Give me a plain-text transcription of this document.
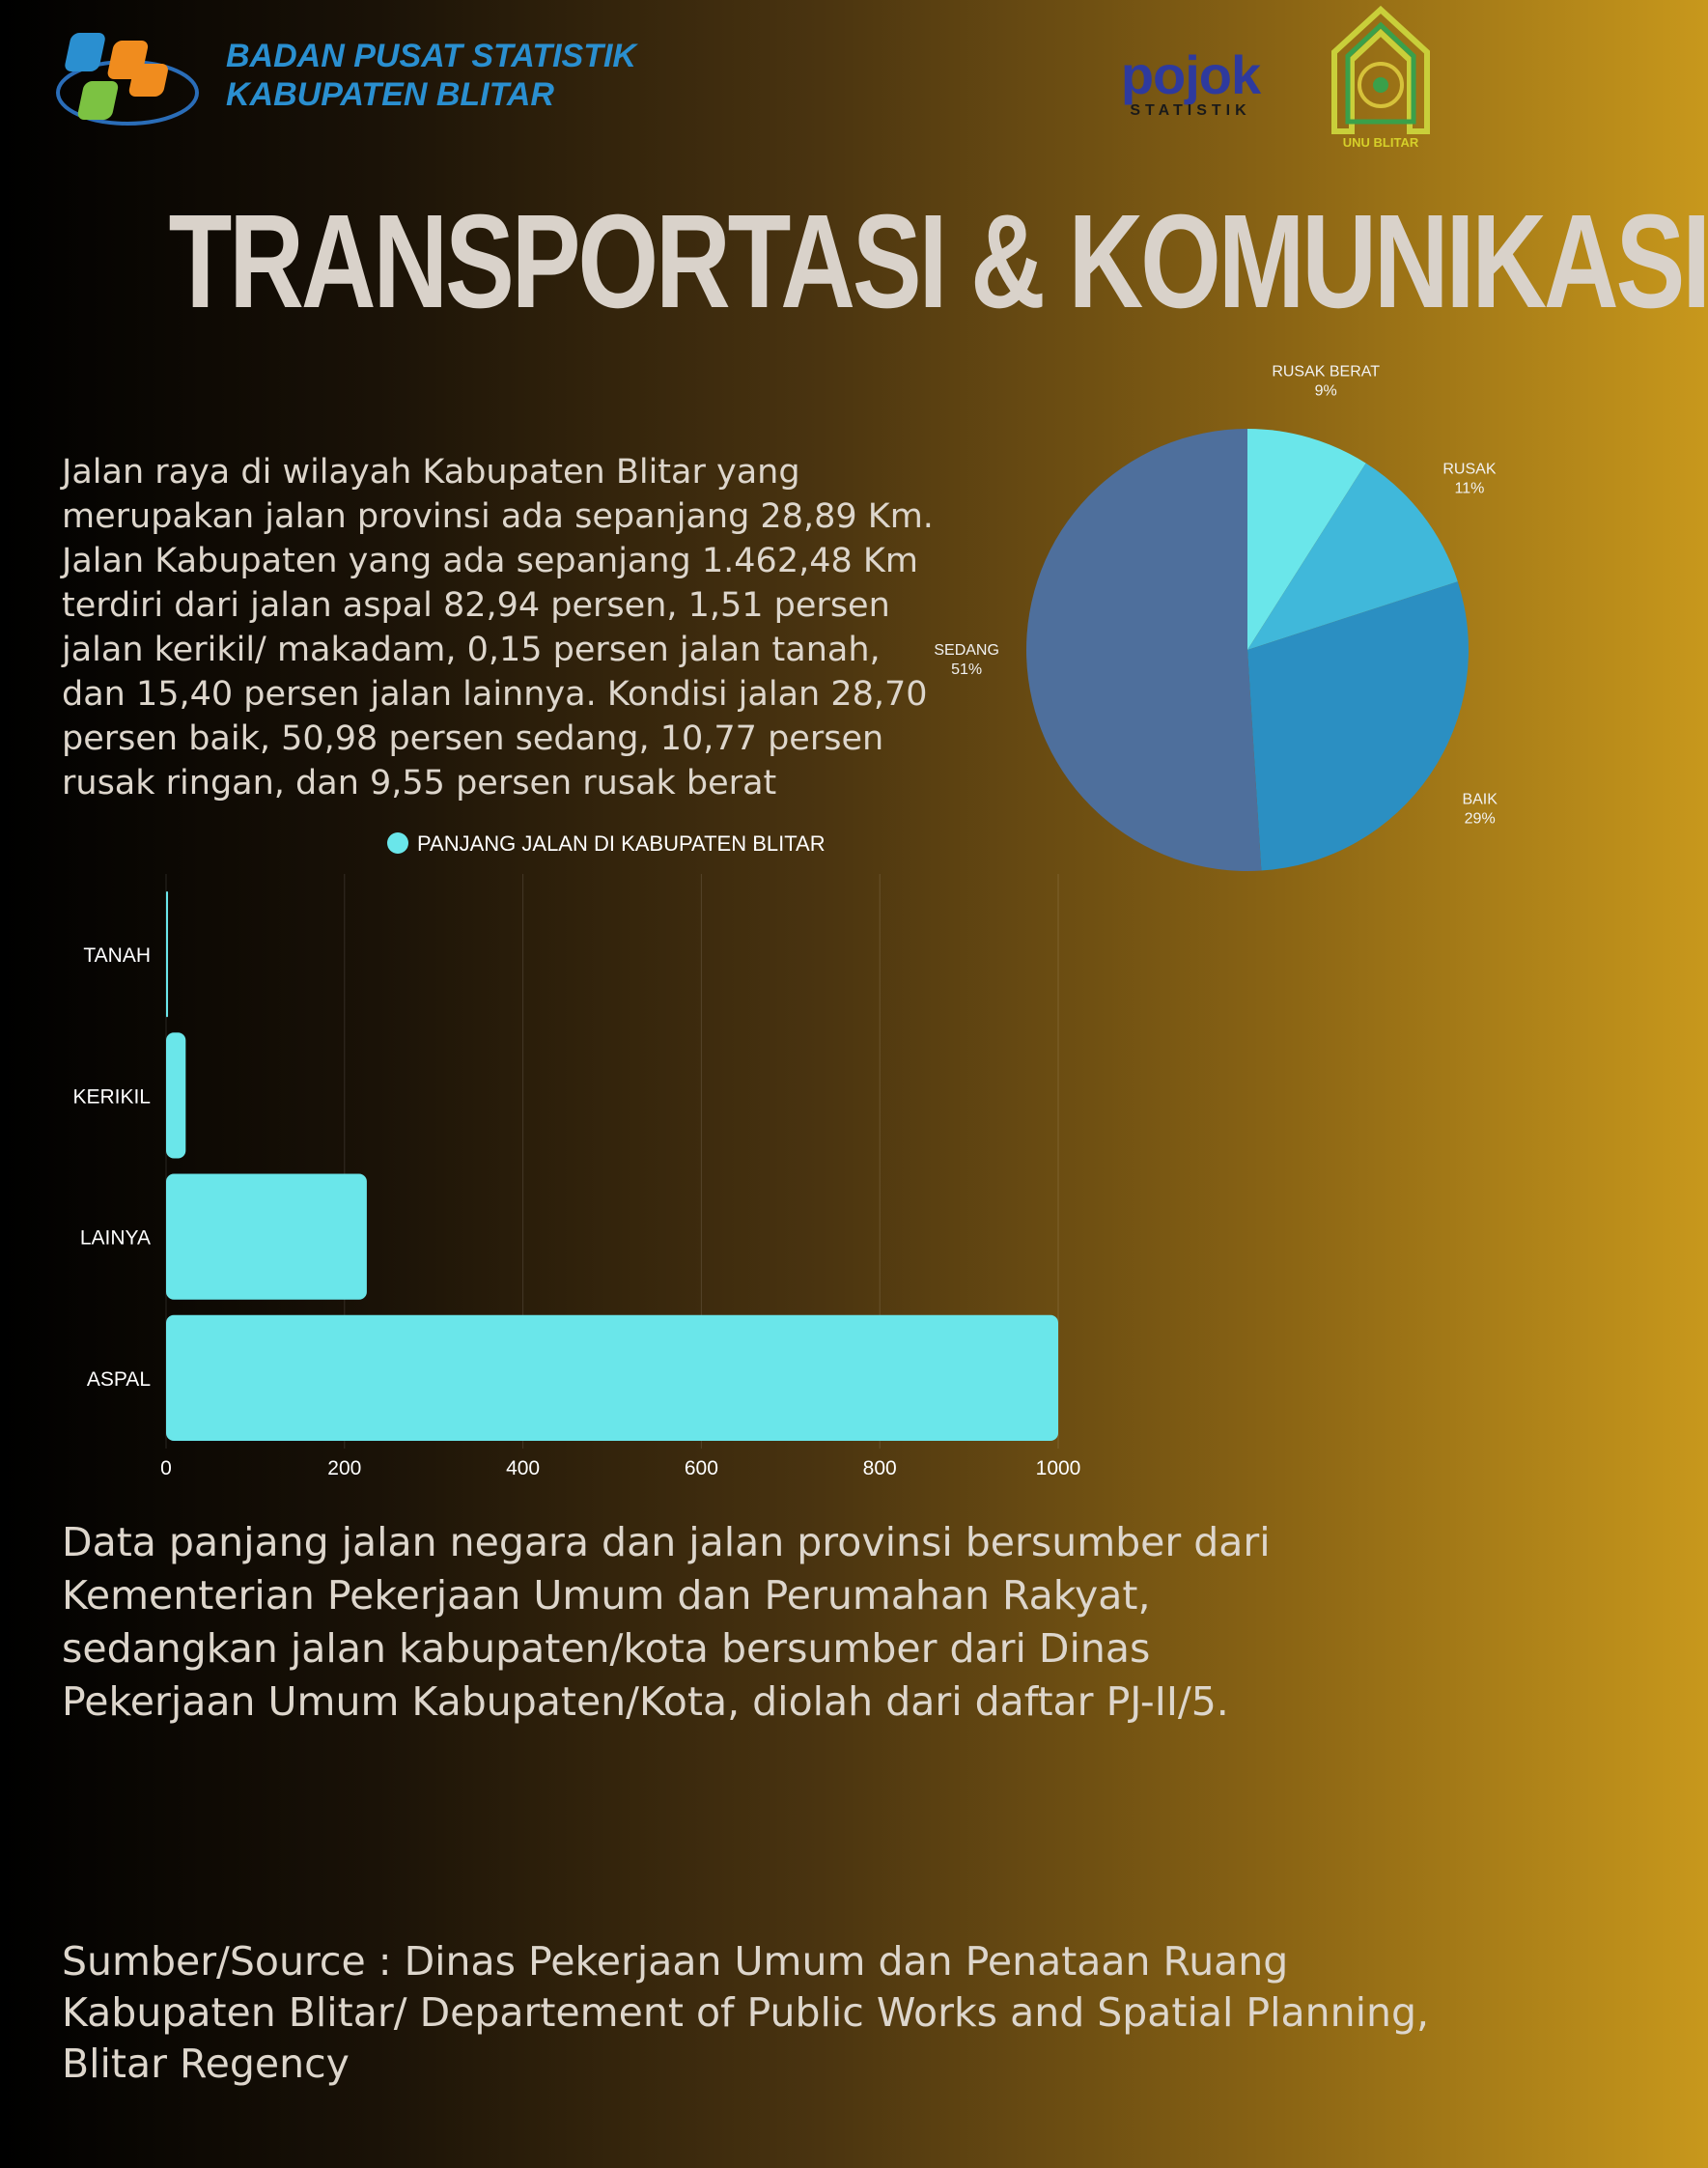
BADAN PUSAT STATISTIK
KABUPATEN BLITAR	pojok
STATISTIK
UNU BLITAR
TRANSPORTASI & KOMUNIKASI
Jalan raya di wilayah Kabupaten Blitar yang merupakan jalan provinsi ada sepanjang 28,89 Km. Jalan Kabupaten yang ada sepanjang 1.462,48 Km terdiri dari jalan aspal 82,94 persen, 1,51 persen jalan kerikil/ makadam, 0,15 persen jalan tanah, dan 15,40 persen jalan lainnya. Kondisi jalan 28,70 persen baik, 50,98 persen sedang, 10,77 persen rusak ringan, dan 9,55 persen rusak berat
RUSAK BERAT
9%
RUSAK
11%
BAIK
29%
SEDANG
51%
PANJANG JALAN DI KABUPATEN BLITAR
TANAH
KERIKIL
LAINYA
ASPAL
0	200	400	600	800	1000
Data panjang jalan negara dan jalan provinsi bersumber dari Kementerian Pekerjaan Umum dan Perumahan Rakyat, sedangkan jalan kabupaten/kota bersumber dari Dinas Pekerjaan Umum Kabupaten/Kota, diolah dari daftar PJ-II/5.
Sumber/Source : Dinas Pekerjaan Umum dan Penataan Ruang Kabupaten Blitar/ Departement of Public Works and Spatial Planning, Blitar Regency
